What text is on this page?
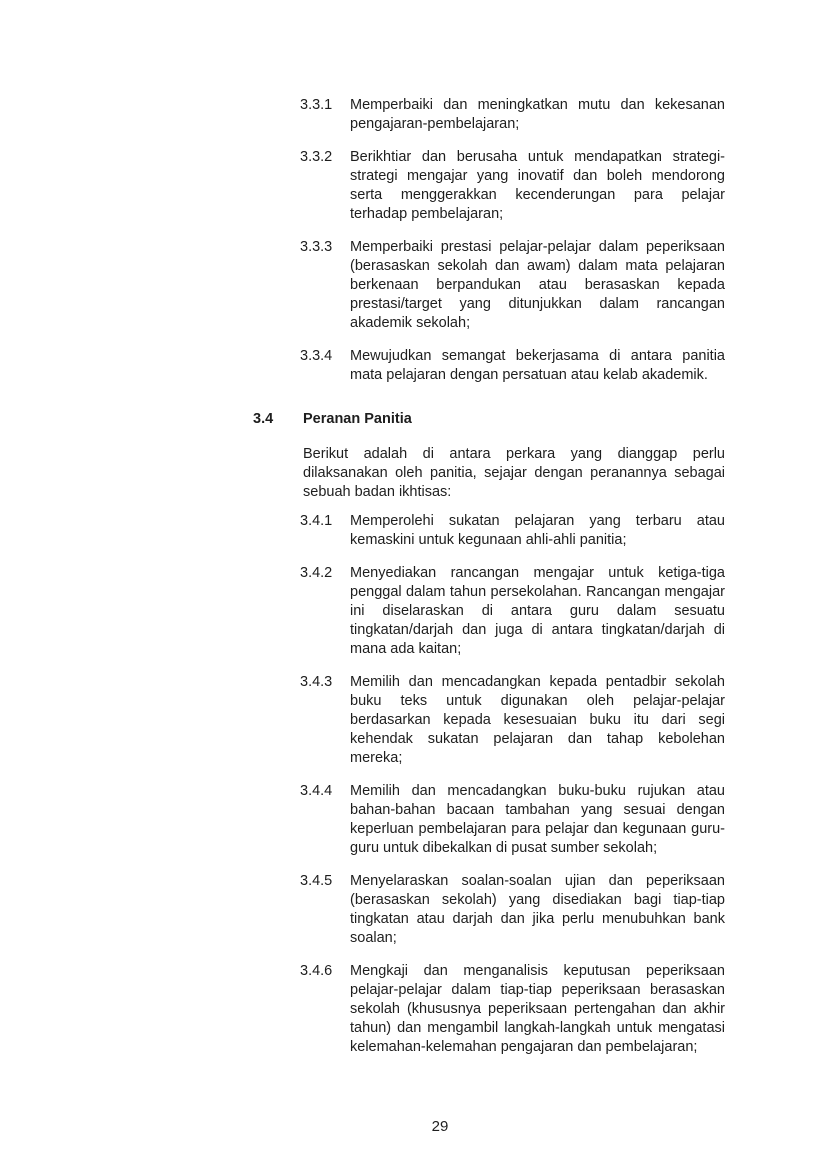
3.3.1	Memperbaiki dan meningkatkan mutu dan kekesanan pengajaran-pembelajaran;
3.3.2	Berikhtiar dan berusaha untuk mendapatkan strategi-strategi mengajar yang inovatif dan boleh mendorong serta menggerakkan kecenderungan para pelajar terhadap pembelajaran;
3.3.3	Memperbaiki prestasi pelajar-pelajar dalam peperiksaan (berasaskan sekolah dan awam) dalam mata pelajaran berkenaan berpandukan atau berasaskan kepada prestasi/target yang ditunjukkan dalam rancangan akademik sekolah;
3.3.4	Mewujudkan semangat bekerjasama di antara panitia mata pelajaran dengan persatuan atau kelab akademik.
3.4	Peranan Panitia
Berikut adalah di antara perkara yang dianggap perlu dilaksanakan oleh panitia, sejajar dengan peranannya sebagai sebuah badan ikhtisas:
3.4.1	Memperolehi sukatan pelajaran yang terbaru atau kemaskini untuk kegunaan ahli-ahli panitia;
3.4.2	Menyediakan rancangan mengajar untuk ketiga-tiga penggal dalam tahun persekolahan. Rancangan mengajar ini diselaraskan di antara guru dalam sesuatu tingkatan/darjah dan juga di antara tingkatan/darjah di mana ada kaitan;
3.4.3	Memilih dan mencadangkan kepada pentadbir sekolah buku teks untuk digunakan oleh pelajar-pelajar berdasarkan kepada kesesuaian buku itu dari segi kehendak sukatan pelajaran dan tahap kebolehan mereka;
3.4.4	Memilih dan mencadangkan buku-buku rujukan atau bahan-bahan bacaan tambahan yang sesuai dengan keperluan pembelajaran para pelajar dan kegunaan guru-guru untuk dibekalkan di pusat sumber sekolah;
3.4.5	Menyelaraskan soalan-soalan ujian dan peperiksaan (berasaskan sekolah) yang disediakan bagi tiap-tiap tingkatan atau darjah dan jika perlu menubuhkan bank soalan;
3.4.6	Mengkaji dan menganalisis keputusan peperiksaan pelajar-pelajar dalam tiap-tiap peperiksaan berasaskan sekolah (khususnya peperiksaan pertengahan dan akhir tahun) dan mengambil langkah-langkah untuk mengatasi kelemahan-kelemahan pengajaran dan pembelajaran;
29
